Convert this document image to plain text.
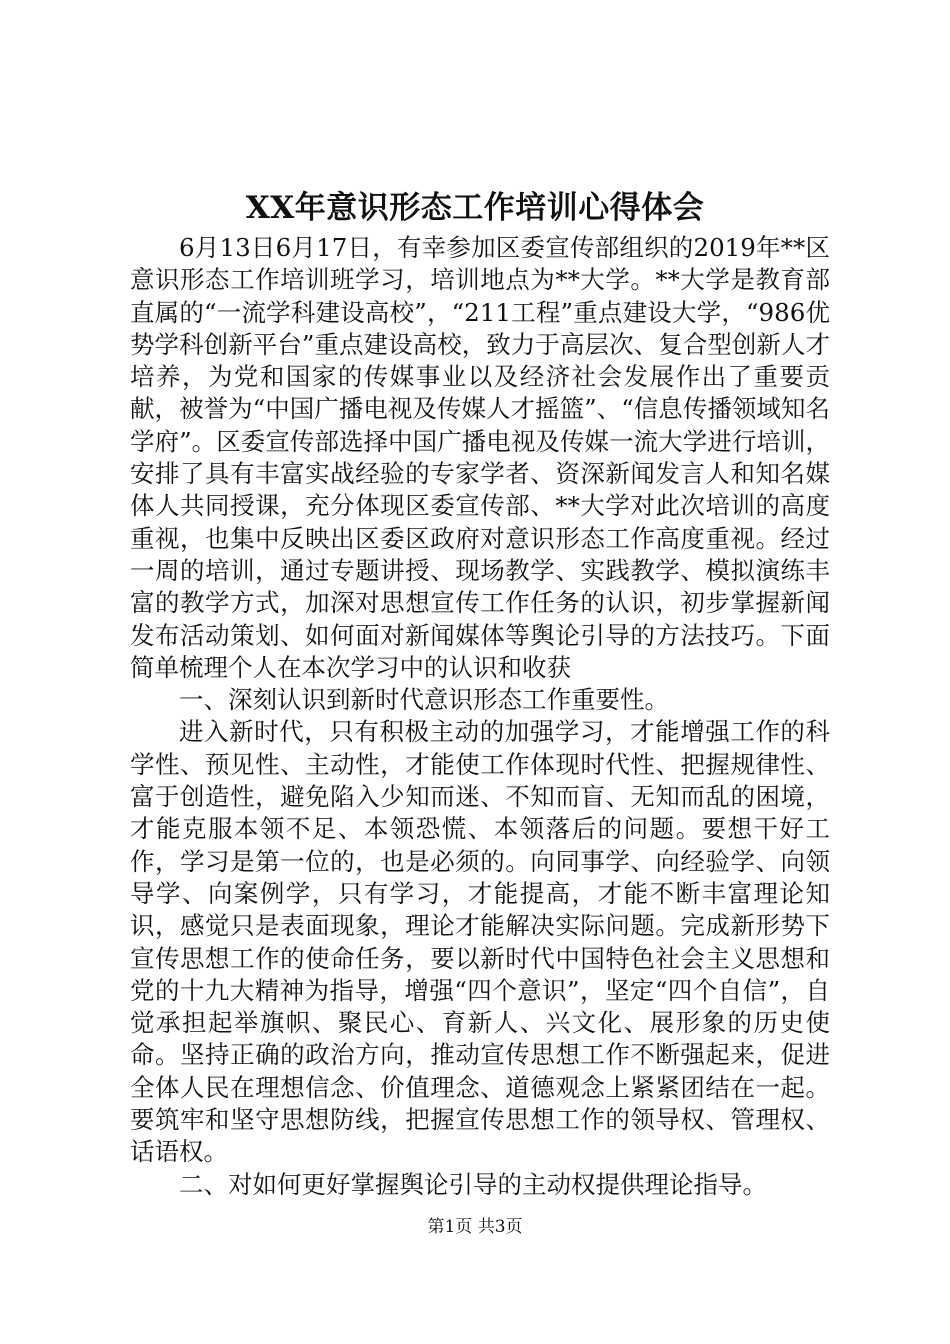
XX年意识形态工作培训心得体会

6月13日6月17日，有幸参加区委宣传部组织的2019年**区意识形态工作培训班学习，培训地点为**大学。**大学是教育部直属的“一流学科建设高校”，“211工程”重点建设大学，“986优势学科创新平台”重点建设高校，致力于高层次、复合型创新人才培养，为党和国家的传媒事业以及经济社会发展作出了重要贡献，被誉为“中国广播电视及传媒人才摇篮”、“信息传播领域知名学府”。区委宣传部选择中国广播电视及传媒一流大学进行培训，安排了具有丰富实战经验的专家学者、资深新闻发言人和知名媒体人共同授课，充分体现区委宣传部、**大学对此次培训的高度重视，也集中反映出区委区政府对意识形态工作高度重视。经过一周的培训，通过专题讲授、现场教学、实践教学、模拟演练丰富的教学方式，加深对思想宣传工作任务的认识，初步掌握新闻发布活动策划、如何面对新闻媒体等舆论引导的方法技巧。下面简单梳理个人在本次学习中的认识和收获

一、深刻认识到新时代意识形态工作重要性。

进入新时代，只有积极主动的加强学习，才能增强工作的科学性、预见性、主动性，才能使工作体现时代性、把握规律性、富于创造性，避免陷入少知而迷、不知而盲、无知而乱的困境，才能克服本领不足、本领恐慌、本领落后的问题。要想干好工作，学习是第一位的，也是必须的。向同事学、向经验学、向领导学、向案例学，只有学习，才能提高，才能不断丰富理论知识，感觉只是表面现象，理论才能解决实际问题。完成新形势下宣传思想工作的使命任务，要以新时代中国特色社会主义思想和党的十九大精神为指导，增强“四个意识”，坚定“四个自信”，自觉承担起举旗帜、聚民心、育新人、兴文化、展形象的历史使命。坚持正确的政治方向，推动宣传思想工作不断强起来，促进全体人民在理想信念、价值理念、道德观念上紧紧团结在一起。要筑牢和坚守思想防线，把握宣传思想工作的领导权、管理权、话语权。

二、对如何更好掌握舆论引导的主动权提供理论指导。

第1页 共3页
